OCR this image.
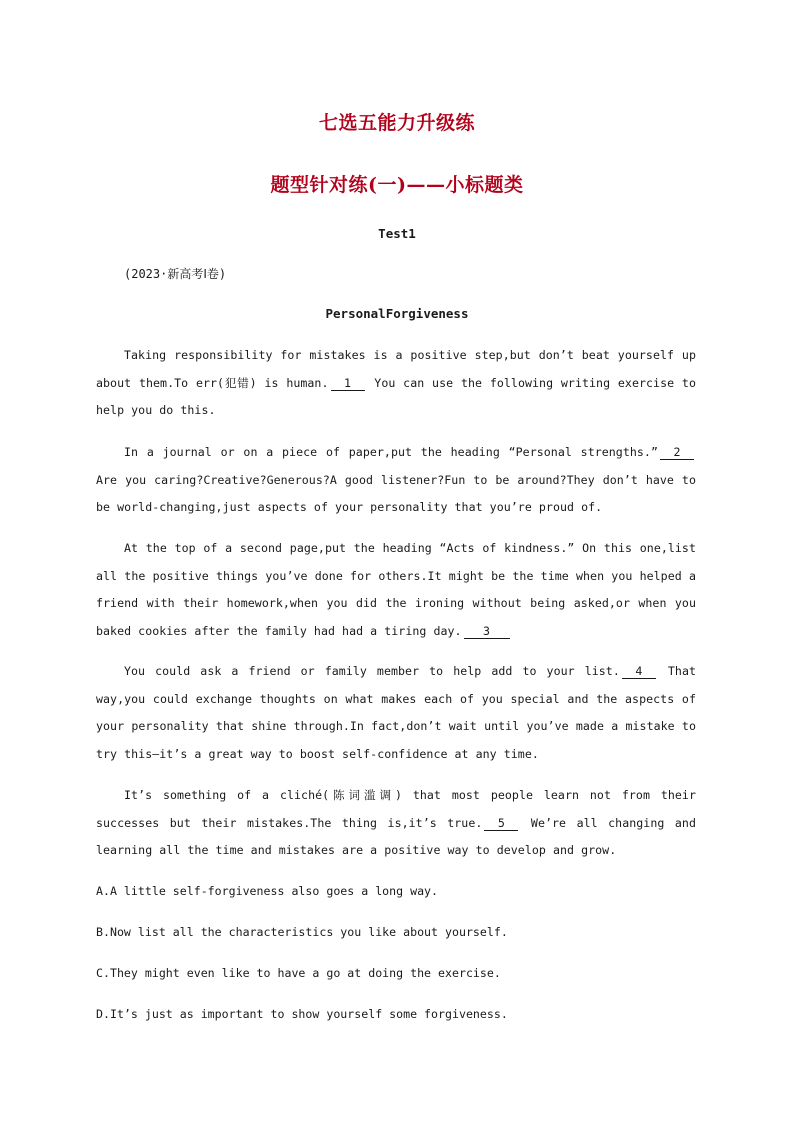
七选五能力升级练
题型针对练(一)——小标题类
Test1
(2023·新高考Ⅰ卷)
PersonalForgiveness
Taking responsibility for mistakes is a positive step,but don’t beat yourself up about them.To err(犯错) is human. 1 You can use the following writing exercise to help you do this.
In a journal or on a piece of paper,put the heading “Personal strengths.” 2 Are you caring?Creative?Generous?A good listener?Fun to be around?They don’t have to be world-changing,just aspects of your personality that you’re proud of.
At the top of a second page,put the heading “Acts of kindness.” On this one,list all the positive things you’ve done for others.It might be the time when you helped a friend with their homework,when you did the ironing without being asked,or when you baked cookies after the family had had a tiring day. 3
You could ask a friend or family member to help add to your list. 4 That way,you could exchange thoughts on what makes each of you special and the aspects of your personality that shine through.In fact,don’t wait until you’ve made a mistake to try this—it’s a great way to boost self-confidence at any time.
It’s something of a cliché(陈词滥调) that most people learn not from their successes but their mistakes.The thing is,it’s true. 5 We’re all changing and learning all the time and mistakes are a positive way to develop and grow.
A.A little self-forgiveness also goes a long way.
B.Now list all the characteristics you like about yourself.
C.They might even like to have a go at doing the exercise.
D.It’s just as important to show yourself some forgiveness.
